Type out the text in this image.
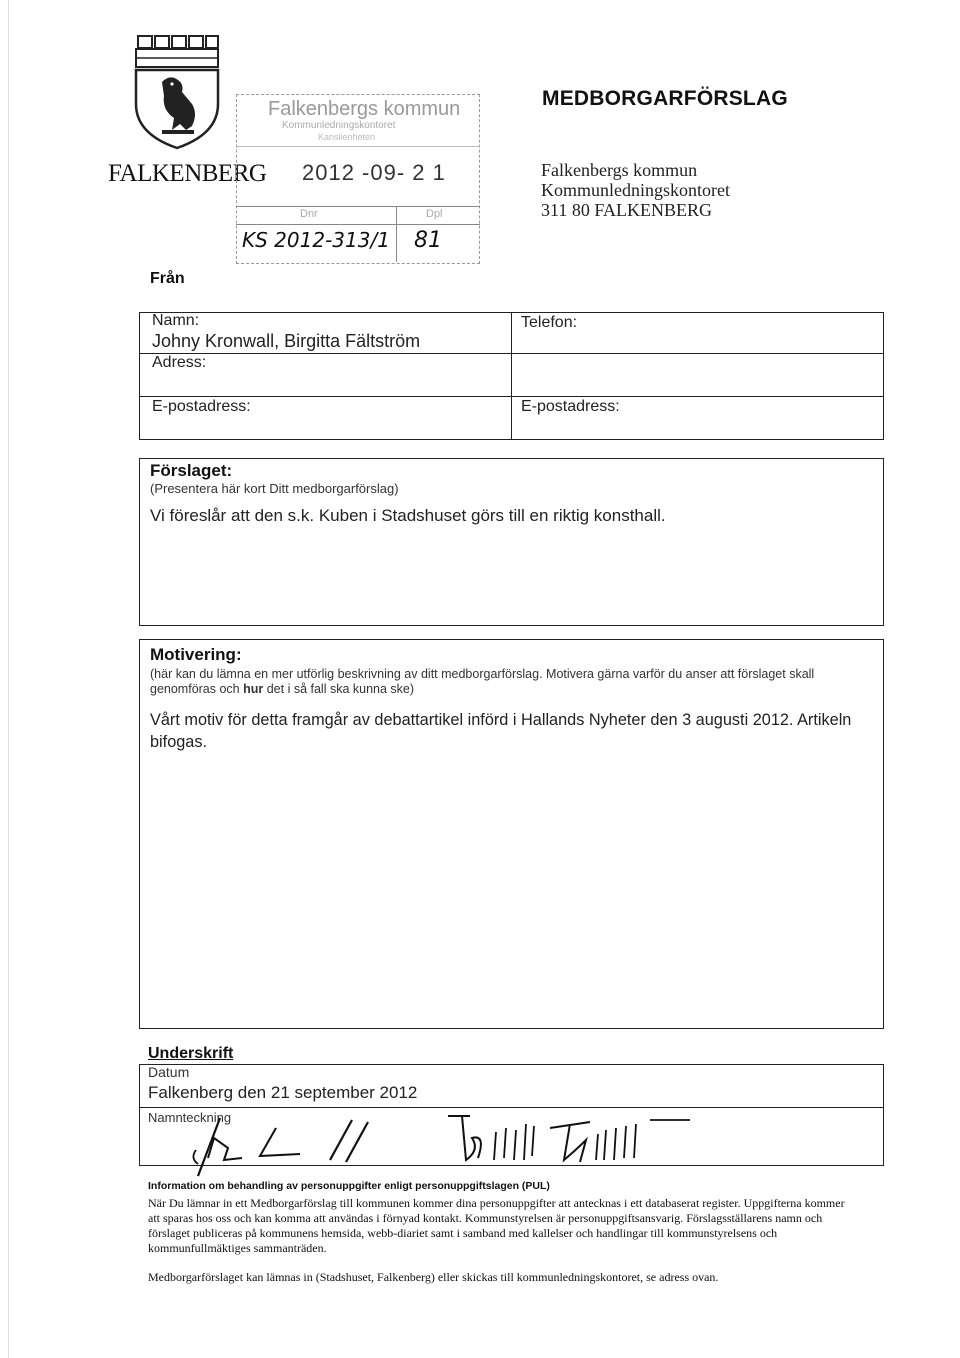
FALKENBERG
Falkenbergs kommun
Kommunledningskontoret
Kanslienheten
2012 -09- 2 1
Dnr	Dpl
KS 2012-313/1 81
MEDBORGARFÖRSLAG
Falkenbergs kommun
Kommunledningskontoret
311 80 FALKENBERG
Från
Namn:
Johny Kronwall, Birgitta Fältström
Telefon:
Adress:
E-postadress:	E-postadress:
Förslaget:
(Presentera här kort Ditt medborgarförslag)
Vi föreslår att den s.k. Kuben i Stadshuset görs till en riktig konsthall.
Motivering:
(här kan du lämna en mer utförlig beskrivning av ditt medborgarförslag. Motivera gärna varför du anser att förslaget skall
genomföras och hur det i så fall ska kunna ske)
Vårt motiv för detta framgår av debattartikel införd i Hallands Nyheter den 3 augusti 2012. Artikeln
bifogas.
Underskrift
Datum
Falkenberg den 21 september 2012
Namnteckning
Information om behandling av personuppgifter enligt personuppgiftslagen (PUL)
När Du lämnar in ett Medborgarförslag till kommunen kommer dina personuppgifter att antecknas i ett databaserat register. Uppgifterna kommer
att sparas hos oss och kan komma att användas i förnyad kontakt. Kommunstyrelsen är personuppgiftsansvarig. Förslagsställarens namn och
förslaget publiceras på kommunens hemsida, webb-diariet samt i samband med kallelser och handlingar till kommunstyrelsens och
kommunfullmäktiges sammanträden.
Medborgarförslaget kan lämnas in (Stadshuset, Falkenberg) eller skickas till kommunledningskontoret, se adress ovan.
